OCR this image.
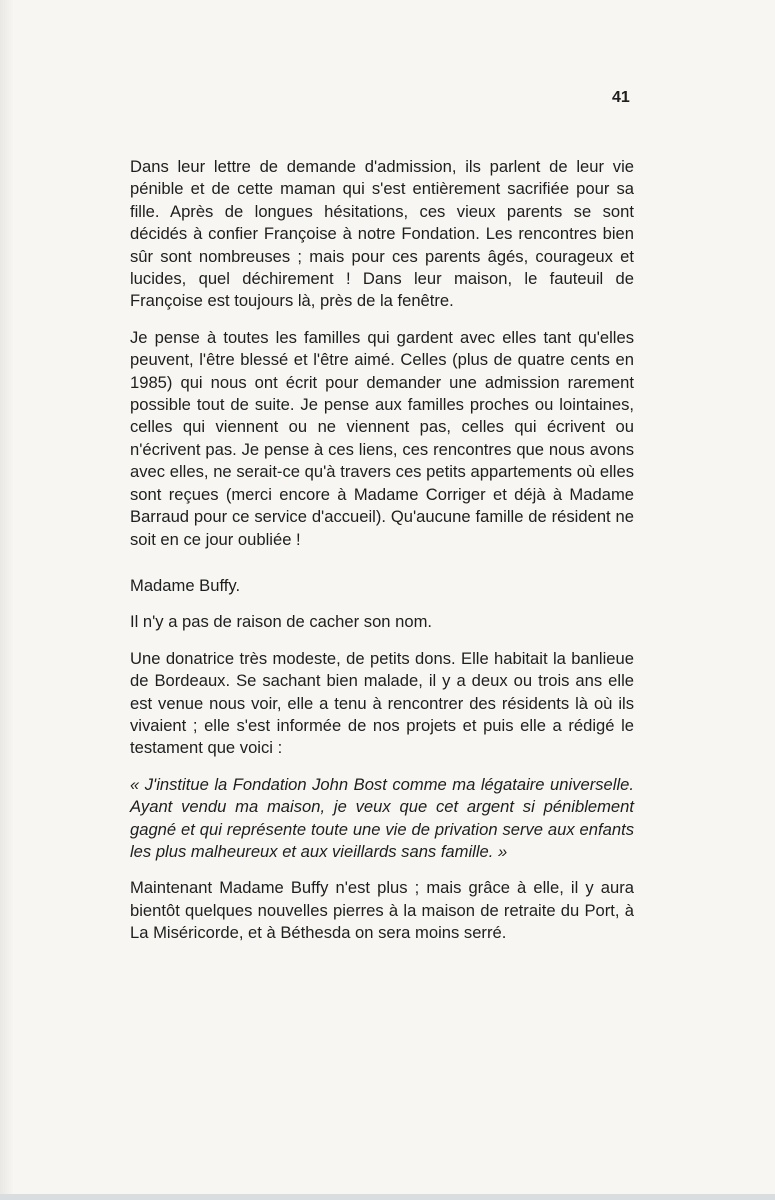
41

Dans leur lettre de demande d'admission, ils parlent de leur vie pénible et de cette maman qui s'est entièrement sacrifiée pour sa fille. Après de longues hésitations, ces vieux parents se sont décidés à confier Françoise à notre Fondation. Les rencontres bien sûr sont nombreuses ; mais pour ces parents âgés, courageux et lucides, quel déchirement ! Dans leur maison, le fauteuil de Françoise est toujours là, près de la fenêtre.

Je pense à toutes les familles qui gardent avec elles tant qu'elles peuvent, l'être blessé et l'être aimé. Celles (plus de quatre cents en 1985) qui nous ont écrit pour demander une admission rarement possible tout de suite. Je pense aux familles proches ou lointaines, celles qui viennent ou ne viennent pas, celles qui écrivent ou n'écrivent pas. Je pense à ces liens, ces rencontres que nous avons avec elles, ne serait-ce qu'à travers ces petits appartements où elles sont reçues (merci encore à Madame Corriger et déjà à Madame Barraud pour ce service d'accueil). Qu'aucune famille de résident ne soit en ce jour oubliée !

Madame Buffy.

Il n'y a pas de raison de cacher son nom.

Une donatrice très modeste, de petits dons. Elle habitait la banlieue de Bordeaux. Se sachant bien malade, il y a deux ou trois ans elle est venue nous voir, elle a tenu à rencontrer des résidents là où ils vivaient ; elle s'est informée de nos projets et puis elle a rédigé le testament que voici :

« J'institue la Fondation John Bost comme ma légataire universelle. Ayant vendu ma maison, je veux que cet argent si péniblement gagné et qui représente toute une vie de privation serve aux enfants les plus malheureux et aux vieillards sans famille. »

Maintenant Madame Buffy n'est plus ; mais grâce à elle, il y aura bientôt quelques nouvelles pierres à la maison de retraite du Port, à La Miséricorde, et à Béthesda on sera moins serré.
